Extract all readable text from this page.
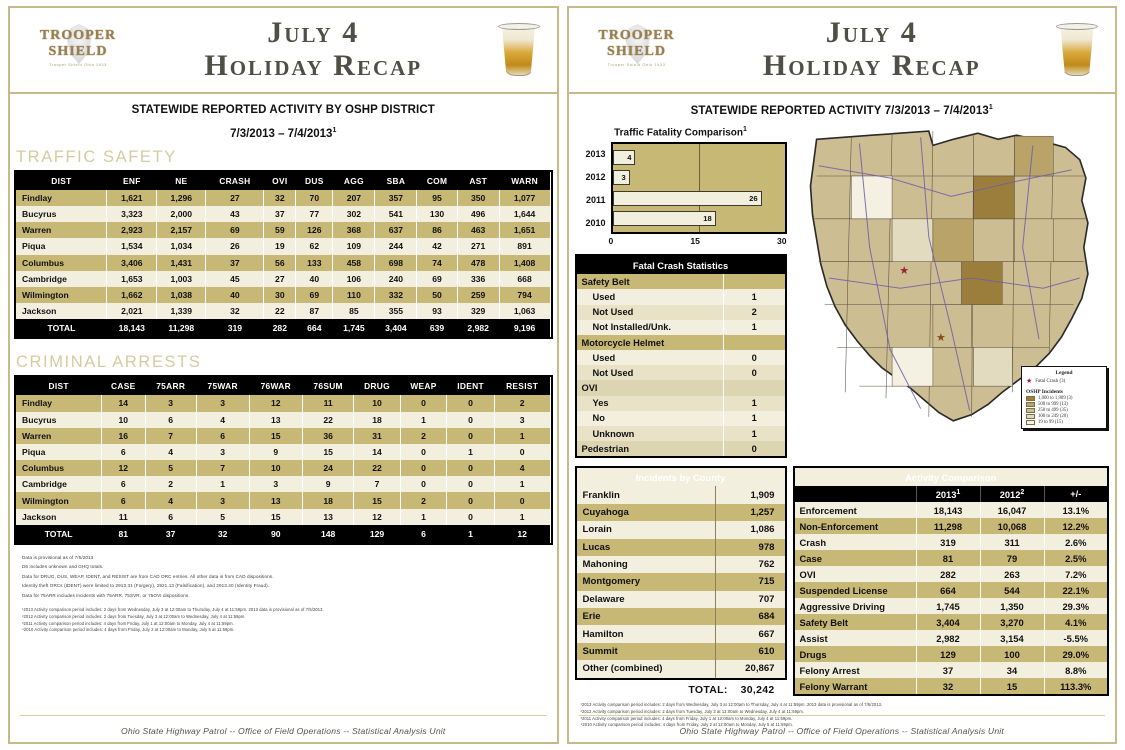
TROOPER
SHIELD
Trooper Shield Ohio 1933
July 4
Holiday Recap
STATEWIDE REPORTED ACTIVITY BY OSHP DISTRICT
7/3/2013 – 7/4/2013$^1$
TRAFFIC SAFETY
DIST	ENF	NE	CRASH	OVI	DUS	AGG	SBA	COM	AST	WARN
Findlay	1,621	1,296	27	32	70	207	357	95	350	1,077
Bucyrus	3,323	2,000	43	37	77	302	541	130	496	1,644
Warren	2,923	2,157	69	59	126	368	637	86	463	1,651
Piqua	1,534	1,034	26	19	62	109	244	42	271	891
Columbus	3,406	1,431	37	56	133	458	698	74	478	1,408
Cambridge	1,653	1,003	45	27	40	106	240	69	336	668
Wilmington	1,662	1,038	40	30	69	110	332	50	259	794
Jackson	2,021	1,339	32	22	87	85	355	93	329	1,063
TOTAL	18,143	11,298	319	282	664	1,745	3,404	639	2,982	9,196
CRIMINAL ARRESTS
DIST	CASE	75ARR	75WAR	76WAR	76SUM	DRUG	WEAP	IDENT	RESIST
Findlay	14	3	3	12	11	10	0	0	2
Bucyrus	10	6	4	13	22	18	1	0	3
Warren	16	7	6	15	36	31	2	0	1
Piqua	6	4	3	9	15	14	0	1	0
Columbus	12	5	7	10	24	22	0	0	4
Cambridge	6	2	1	3	9	7	0	0	1
Wilmington	6	4	3	13	18	15	2	0	0
Jackson	11	6	5	15	13	12	1	0	1
TOTAL	81	37	32	90	148	129	6	1	12
Data is provisional as of 7/5/2013.
D6 includes unknown and GHQ totals.
Data for DRUG, DUS, WEAP, IDENT, and RESIST are from CAD ORC entries. All other data is from CAD dispositions.
Identity theft ORCs (IDENT) were limited to 2913.31 (Forgery), 2921.13 (Falsification), and 2913.40 (Identity Fraud).
Data for 75ARR includes incidents with 75ARR, 75SVR, or 75OVI dispositions.
¹2013 Activity comparison period includes: 2 days from Wednesday, July 3 at 12:00am to Thursday, July 4 at 11:59pm. 2013 data is provisional as of 7/5/2013.
²2012 Activity comparison period includes: 2 days from Tuesday, July 3 at 12:00am to Wednesday, July 4 at 11:59pm.
³2011 Activity comparison period includes: 4 days from Friday, July 1 at 12:00am to Monday, July 4 at 11:59pm.
⁴2010 Activity comparison period includes: 4 days from Friday, July 2 at 12:00am to Monday, July 5 at 11:59pm.
Ohio State Highway Patrol -- Office of Field Operations -- Statistical Analysis Unit
TROOPER
SHIELD
Trooper Shield Ohio 1933
July 4
Holiday Recap
STATEWIDE REPORTED ACTIVITY 7/3/2013 – 7/4/2013$^1$
Traffic Fatality Comparison$^1$
2013
2012
2011
2010
4
3
26
18
0	15	30
Fatal Crash Statistics	
Safety Belt	
Used	1
Not Used	2
Not Installed/Unk.	1
Motorcycle Helmet	
Used	0
Not Used	0
OVI	
Yes	1
No	1
Unknown	1
Pedestrian	0
★
★
Legend
★ Fatal Crash (3)
OSHP Incidents
1,000 to 1,909 (3)
500 to 999 (13)
250 to 499 (35)
100 to 249 (20)
19 to 99 (15)
Incidents by County	
Franklin	1,909
Cuyahoga	1,257
Lorain	1,086
Lucas	978
Mahoning	762
Montgomery	715
Delaware	707
Erie	684
Hamilton	667
Summit	610
Other (combined)	20,867
TOTAL: 30,242
Activity Comparison			
	2013$^1$	$2012^2$	+/-
Enforcement	18,143	16,047	13.1%
Non-Enforcement	11,298	10,068	12.2%
Crash	319	311	2.6%
Case	81	79	2.5%
OVI	282	263	7.2%
Suspended License	664	544	22.1%
Aggressive Driving	1,745	1,350	29.3%
Safety Belt	3,404	3,270	4.1%
Assist	2,982	3,154	-5.5%
Drugs	129	100	29.0%
Felony Arrest	37	34	8.8%
Felony Warrant	32	15	113.3%
¹2013 Activity comparison period includes: 2 days from Wednesday, July 3 at 12:00am to Thursday, July 4 at 11:59pm. 2013 data is provisional as of 7/5/2013.
²2012 Activity comparison period includes: 2 days from Tuesday, July 3 at 12:00am to Wednesday, July 4 at 11:59pm.
³2011 Activity comparison period includes: 4 days from Friday, July 1 at 12:00am to Monday, July 4 at 11:59pm.
⁴2010 Activity comparison period includes: 4 days from Friday, July 2 at 12:00am to Monday, July 5 at 11:59pm.
Ohio State Highway Patrol -- Office of Field Operations -- Statistical Analysis Unit
